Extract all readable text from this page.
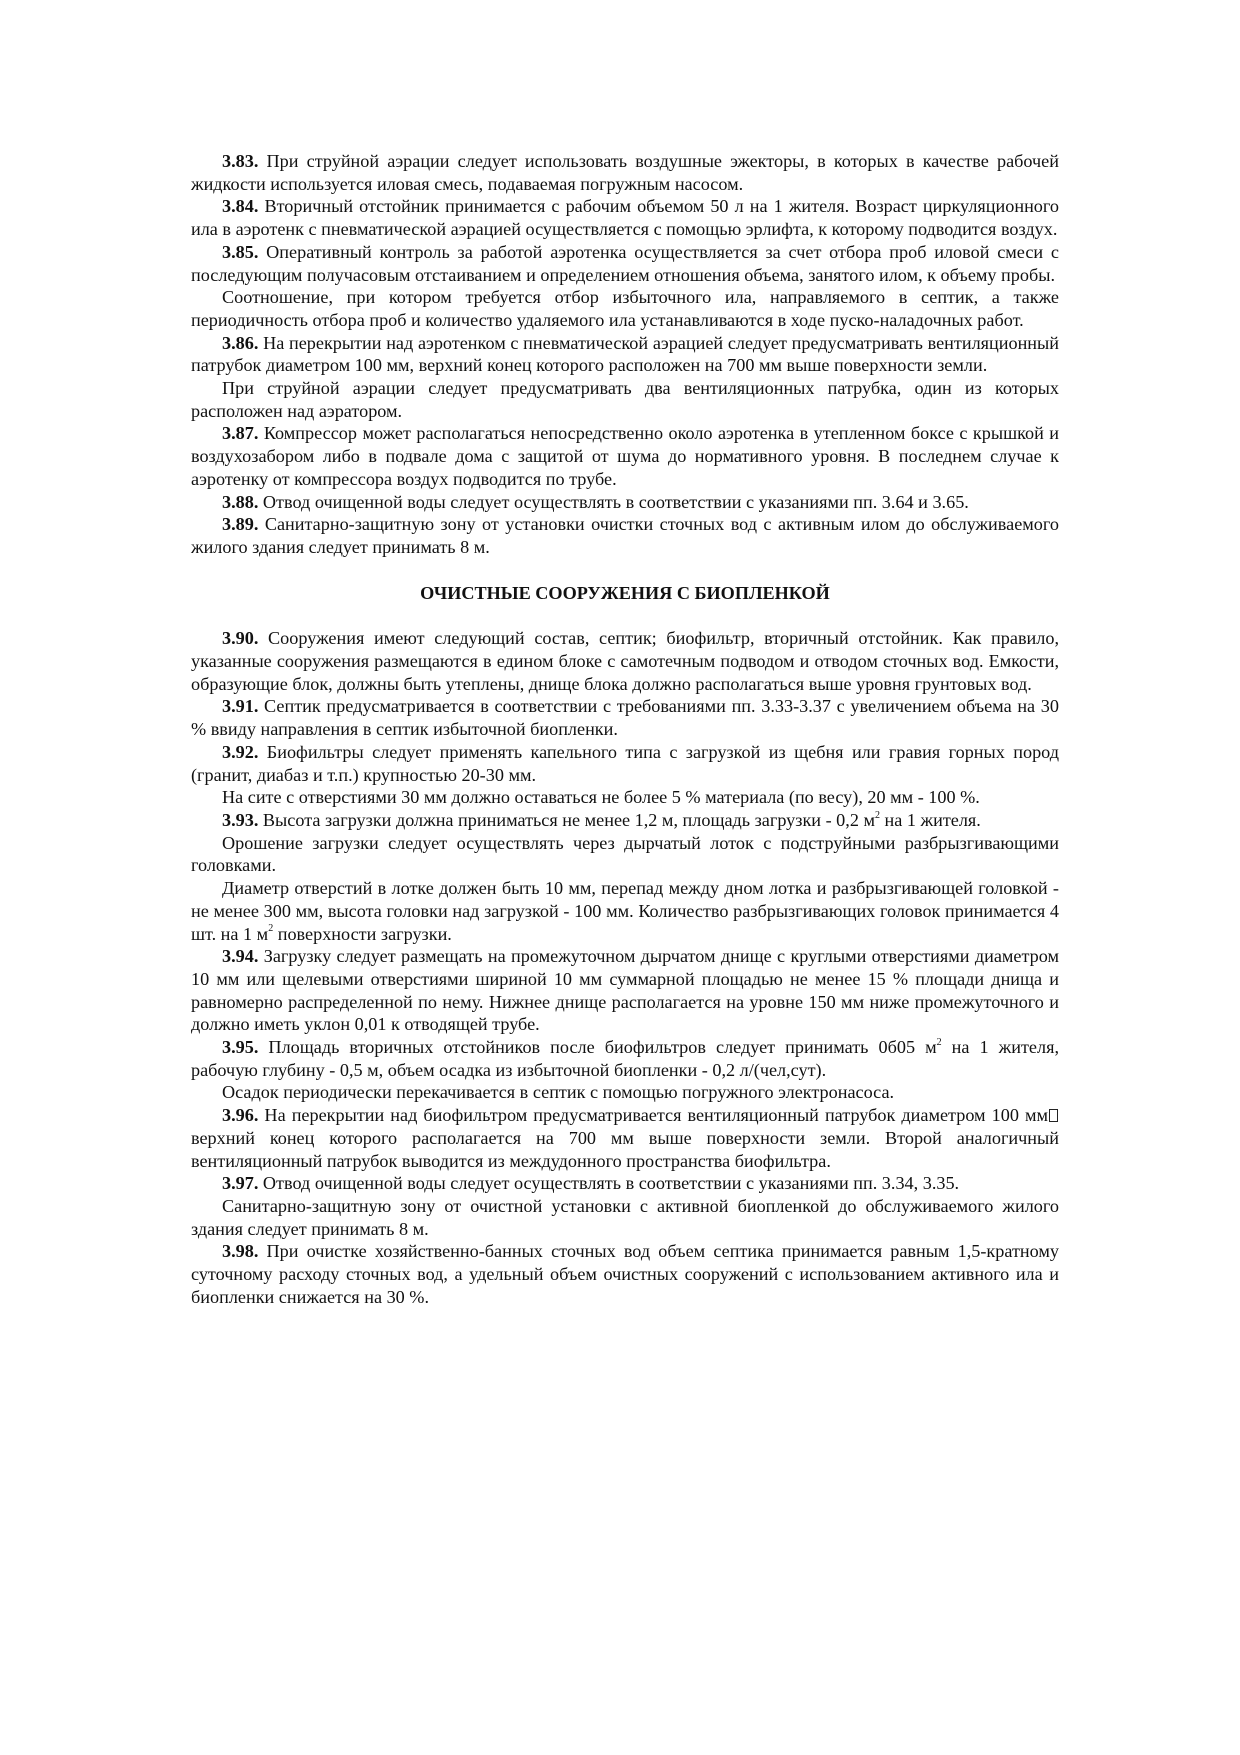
3.83. При струйной аэрации следует использовать воздушные эжекторы, в которых в качестве рабочей жидкости используется иловая смесь, подаваемая погружным насосом.

3.84. Вторичный отстойник принимается с рабочим объемом 50 л на 1 жителя. Возраст циркуляционного ила в аэротенк с пневматической аэрацией осуществляется с помощью эрлифта, к которому подводится воздух.

3.85. Оперативный контроль за работой аэротенка осуществляется за счет отбора проб иловой смеси с последующим получасовым отстаиванием и определением отношения объема, занятого илом, к объему пробы.

Соотношение, при котором требуется отбор избыточного ила, направляемого в септик, а также периодичность отбора проб и количество удаляемого ила устанавливаются в ходе пуско-наладочных работ.

3.86. На перекрытии над аэротенком с пневматической аэрацией следует предусматривать вентиляционный патрубок диаметром 100 мм, верхний конец которого расположен на 700 мм выше поверхности земли.

При струйной аэрации следует предусматривать два вентиляционных патрубка, один из которых расположен над аэратором.

3.87. Компрессор может располагаться непосредственно около аэротенка в утепленном боксе с крышкой и воздухозабором либо в подвале дома с защитой от шума до нормативного уровня. В последнем случае к аэротенку от компрессора воздух подводится по трубе.

3.88. Отвод очищенной воды следует осуществлять в соответствии с указаниями пп. 3.64 и 3.65.

3.89. Санитарно-защитную зону от установки очистки сточных вод с активным илом до обслуживаемого жилого здания следует принимать 8 м.

ОЧИСТНЫЕ СООРУЖЕНИЯ С БИОПЛЕНКОЙ

3.90. Сооружения имеют следующий состав, септик; биофильтр, вторичный отстойник. Как правило, указанные сооружения размещаются в едином блоке с самотечным подводом и отводом сточных вод. Емкости, образующие блок, должны быть утеплены, днище блока должно располагаться выше уровня грунтовых вод.

3.91. Септик предусматривается в соответствии с требованиями пп. 3.33-3.37 с увеличением объема на 30 % ввиду направления в септик избыточной биопленки.

3.92. Биофильтры следует применять капельного типа с загрузкой из щебня или гравия горных пород (гранит, диабаз и т.п.) крупностью 20-30 мм.

На сите с отверстиями 30 мм должно оставаться не более 5 % материала (по весу), 20 мм - 100 %.

3.93. Высота загрузки должна приниматься не менее 1,2 м, площадь загрузки - 0,2 $м^2$ на 1 жителя.

Орошение загрузки следует осуществлять через дырчатый лоток с подструйными разбрызгивающими головками.

Диаметр отверстий в лотке должен быть 10 мм, перепад между дном лотка и разбрызгивающей головкой - не менее 300 мм, высота головки над загрузкой - 100 мм. Количество разбрызгивающих головок принимается 4 шт. на 1 $м^2$ поверхности загрузки.

3.94. Загрузку следует размещать на промежуточном дырчатом днище с круглыми отверстиями диаметром 10 мм или щелевыми отверстиями шириной 10 мм суммарной площадью не менее 15 % площади днища и равномерно распределенной по нему. Нижнее днище располагается на уровне 150 мм ниже промежуточного и должно иметь уклон 0,01 к отводящей трубе.

3.95. Площадь вторичных отстойников после биофильтров следует принимать 0б05 $м^2$ на 1 жителя, рабочую глубину - 0,5 м, объем осадка из избыточной биопленки - 0,2 л/(чел,сут).

Осадок периодически перекачивается в септик с помощью погружного электронасоса.

3.96. На перекрытии над биофильтром предусматривается вентиляционный патрубок диаметром 100 мм верхний конец которого располагается на 700 мм выше поверхности земли. Второй аналогичный вентиляционный патрубок выводится из междудонного пространства биофильтра.

3.97. Отвод очищенной воды следует осуществлять в соответствии с указаниями пп. 3.34, 3.35.

Санитарно-защитную зону от очистной установки с активной биопленкой до обслуживаемого жилого здания следует принимать 8 м.

3.98. При очистке хозяйственно-банных сточных вод объем септика принимается равным 1,5-кратному суточному расходу сточных вод, а удельный объем очистных сооружений с использованием активного ила и биопленки снижается на 30 %.
